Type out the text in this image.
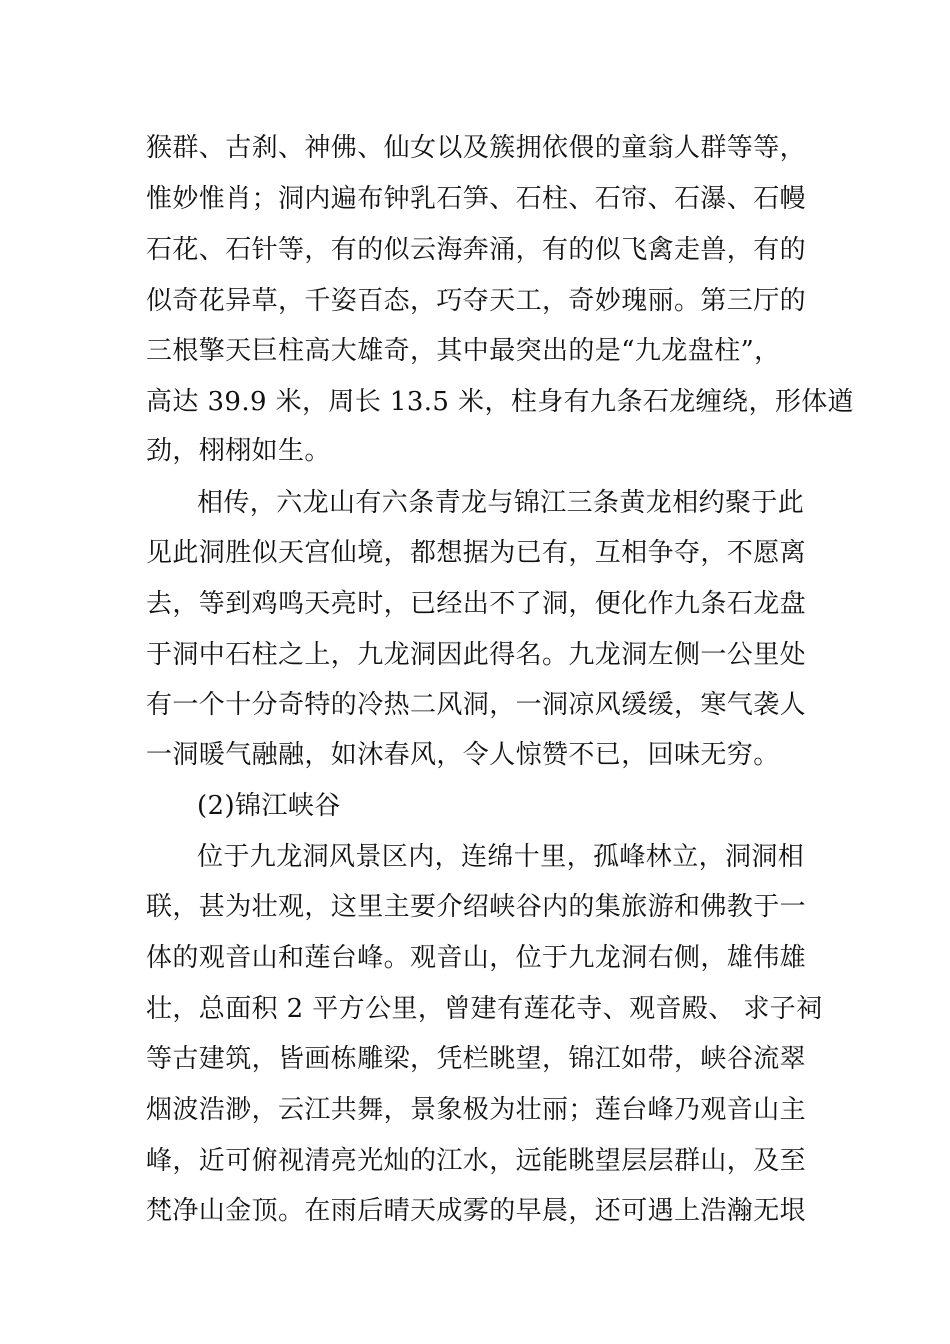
猴群、古刹、神佛、仙女以及簇拥依偎的童翁人群等等，
惟妙惟肖；洞内遍布钟乳石笋、石柱、石帘、石瀑、石幔
石花、石针等，有的似云海奔涌，有的似飞禽走兽，有的
似奇花异草，千姿百态，巧夺天工，奇妙瑰丽。第三厅的
三根擎天巨柱高大雄奇，其中最突出的是“九龙盘柱”，
高达 39.9 米，周长 13.5 米，柱身有九条石龙缠绕，形体遒
劲，栩栩如生。
相传，六龙山有六条青龙与锦江三条黄龙相约聚于此
见此洞胜似天宫仙境，都想据为已有，互相争夺，不愿离
去，等到鸡鸣天亮时，已经出不了洞，便化作九条石龙盘
于洞中石柱之上，九龙洞因此得名。九龙洞左侧一公里处
有一个十分奇特的冷热二风洞，一洞凉风缓缓，寒气袭人
一洞暖气融融，如沐春风，令人惊赞不已，回味无穷。
(2)锦江峡谷
位于九龙洞风景区内，连绵十里，孤峰林立，洞洞相
联，甚为壮观，这里主要介绍峡谷内的集旅游和佛教于一
体的观音山和莲台峰。观音山，位于九龙洞右侧，雄伟雄
壮，总面积 2 平方公里，曾建有莲花寺、观音殿、 求子祠
等古建筑，皆画栋雕梁，凭栏眺望，锦江如带，峡谷流翠
烟波浩渺，云江共舞，景象极为壮丽；莲台峰乃观音山主
峰，近可俯视清亮光灿的江水，远能眺望层层群山，及至
梵净山金顶。在雨后晴天成雾的早晨，还可遇上浩瀚无垠
